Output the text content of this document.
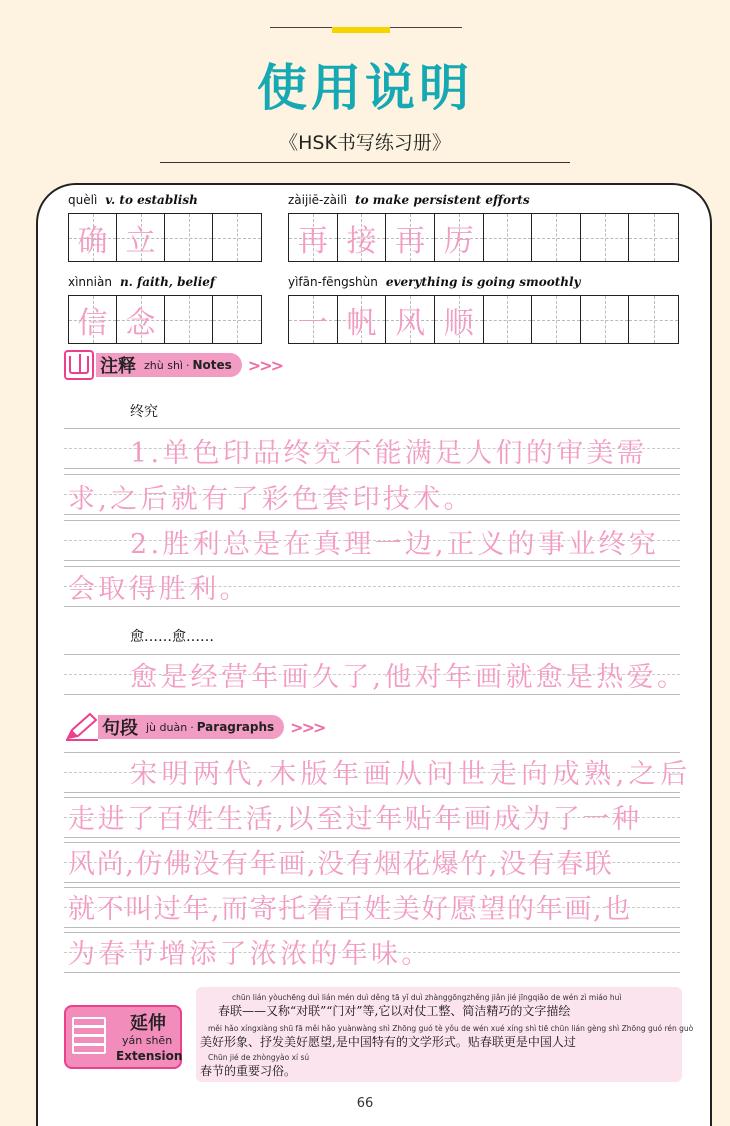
使用说明
《HSK书写练习册》
quèlì v. to establish
确 立
zàijiē-zàilì to make persistent efforts
再 接 再 厉
xìnniàn n. faith, belief
信 念
yìfān-fēngshùn everything is going smoothly
一 帆 风 顺
注释 zhù shì · Notes >>>
终究
1.单色印品终究不能满足人们的审美需
求,之后就有了彩色套印技术。
2.胜利总是在真理一边,正义的事业终究
会取得胜利。
愈……愈……
愈是经营年画久了,他对年画就愈是热爱。
句段 jù duàn · Paragraphs >>>
宋明两代,木版年画从问世走向成熟,之后
走进了百姓生活,以至过年贴年画成为了一种
风尚,仿佛没有年画,没有烟花爆竹,没有春联
就不叫过年,而寄托着百姓美好愿望的年画,也
为春节增添了浓浓的年味。
延伸
yán shēn
Extension
chūn lián yòuchēng duì lián mén duì děng tā yǐ duì zhànggōngzhěng jiǎn jié jīngqiǎo de wén zì miáo huì
春联——又称“对联”“门对”等,它以对仗工整、简洁精巧的文字描绘
měi hǎo xíngxiàng shū fā měi hǎo yuànwàng shì Zhōng guó tè yǒu de wén xué xíng shì tiē chūn lián gèng shì Zhōng guó rén guò
美好形象、抒发美好愿望,是中国特有的文学形式。贴春联更是中国人过
Chūn jié de zhòngyào xí sú
春节的重要习俗。
66
